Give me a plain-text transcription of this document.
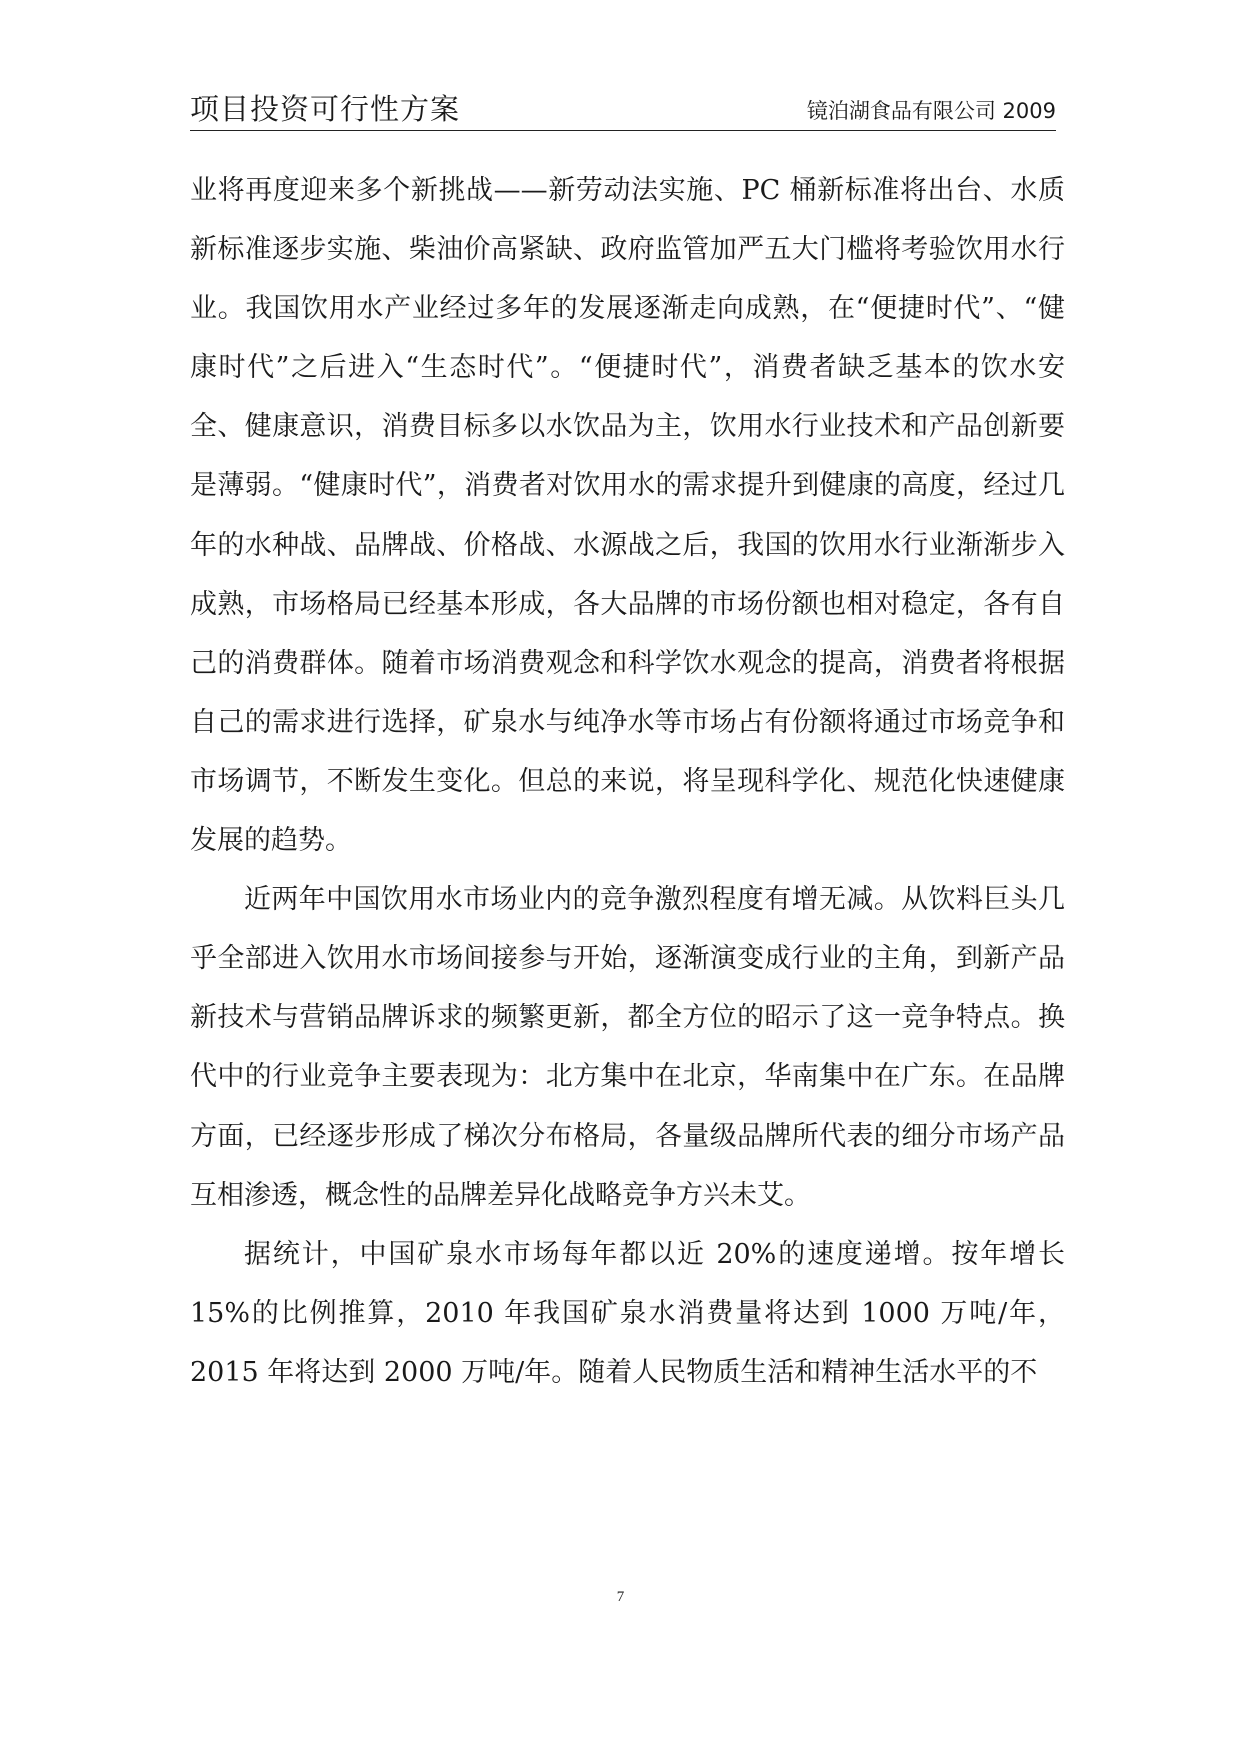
项目投资可行性方案	镜泊湖食品有限公司 2009

业将再度迎来多个新挑战——新劳动法实施、PC 桶新标准将出台、水质新标准逐步实施、柴油价高紧缺、政府监管加严五大门槛将考验饮用水行业。我国饮用水产业经过多年的发展逐渐走向成熟，在“便捷时代”、“健康时代”之后进入“生态时代”。“便捷时代”，消费者缺乏基本的饮水安全、健康意识，消费目标多以水饮品为主，饮用水行业技术和产品创新要是薄弱。“健康时代”，消费者对饮用水的需求提升到健康的高度，经过几年的水种战、品牌战、价格战、水源战之后，我国的饮用水行业渐渐步入成熟，市场格局已经基本形成，各大品牌的市场份额也相对稳定，各有自己的消费群体。随着市场消费观念和科学饮水观念的提高，消费者将根据自己的需求进行选择，矿泉水与纯净水等市场占有份额将通过市场竞争和市场调节，不断发生变化。但总的来说，将呈现科学化、规范化快速健康发展的趋势。

近两年中国饮用水市场业内的竞争激烈程度有增无减。从饮料巨头几乎全部进入饮用水市场间接参与开始，逐渐演变成行业的主角，到新产品新技术与营销品牌诉求的频繁更新，都全方位的昭示了这一竞争特点。换代中的行业竞争主要表现为：北方集中在北京，华南集中在广东。在品牌方面，已经逐步形成了梯次分布格局，各量级品牌所代表的细分市场产品互相渗透，概念性的品牌差异化战略竞争方兴未艾。

据统计，中国矿泉水市场每年都以近 20%的速度递增。按年增长 15%的比例推算，2010 年我国矿泉水消费量将达到 1000 万吨/年，2015 年将达到 2000 万吨/年。随着人民物质生活和精神生活水平的不

7
